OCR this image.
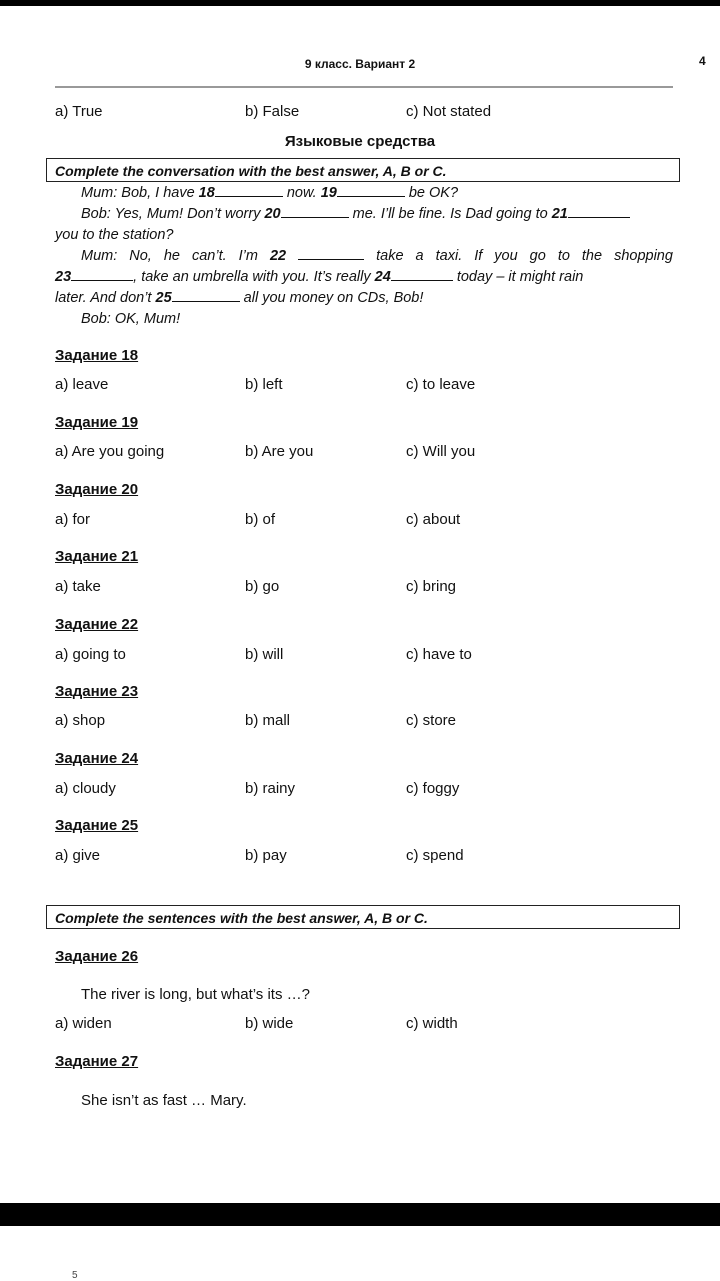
9 класс. Вариант 2	4
a) True	b) False	c) Not stated
Языковые средства
Complete the conversation with the best answer, A, B or C.
Mum: Bob, I have 18	now. 19	be OK?
Bob: Yes, Mum! Don’t worry 20	me. I’ll be fine. Is Dad going to 21
you to the station?
Mum: No, he can’t. I’m 22	take a taxi. If you go to the shopping
23	, take an umbrella with you. It’s really 24	today – it might rain
later. And don’t 25	all you money on CDs, Bob!
Bob: OK, Mum!
Задание 18
a) leave	b) left	c) to leave
Задание 19
a) Are you going	b) Are you	c) Will you
Задание 20
a) for	b) of	c) about
Задание 21
a) take	b) go	c) bring
Задание 22
a) going to	b) will	c) have to
Задание 23
a) shop	b) mall	c) store
Задание 24
a) cloudy	b) rainy	c) foggy
Задание 25
a) give	b) pay	c) spend
Complete the sentences with the best answer, A, B or C.
Задание 26
The river is long, but what’s its …?
a) widen	b) wide	c) width
Задание 27
She isn’t as fast … Mary.
5
